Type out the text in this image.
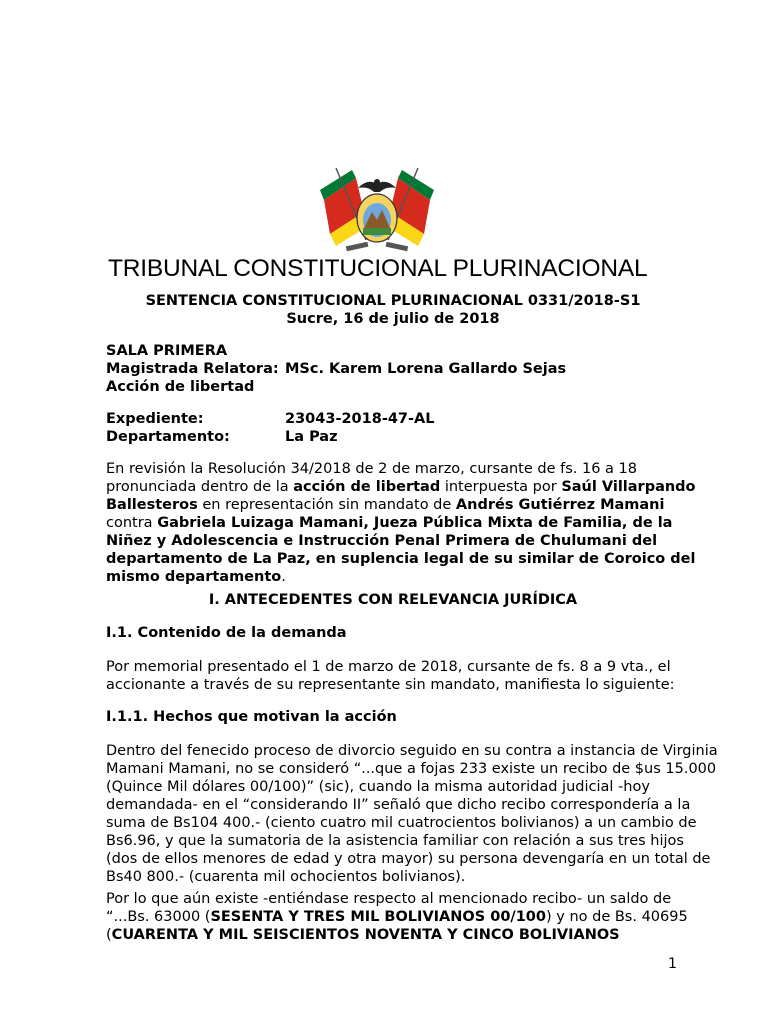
TRIBUNAL CONSTITUCIONAL PLURINACIONAL
SENTENCIA CONSTITUCIONAL PLURINACIONAL 0331/2018-S1
Sucre, 16 de julio de 2018
SALA PRIMERA
Magistrada Relatora: MSc. Karem Lorena Gallardo Sejas
Acción de libertad
Expediente:	23043-2018-47-AL
Departamento:	La Paz
En revisión la Resolución 34/2018 de 2 de marzo, cursante de fs. 16 a 18
pronunciada dentro de la acción de libertad interpuesta por Saúl Villarpando
Ballesteros en representación sin mandato de Andrés Gutiérrez Mamani
contra Gabriela Luizaga Mamani, Jueza Pública Mixta de Familia, de la
Niñez y Adolescencia e Instrucción Penal Primera de Chulumani del
departamento de La Paz, en suplencia legal de su similar de Coroico del
mismo departamento.
I. ANTECEDENTES CON RELEVANCIA JURÍDICA
I.1. Contenido de la demanda
Por memorial presentado el 1 de marzo de 2018, cursante de fs. 8 a 9 vta., el
accionante a través de su representante sin mandato, manifiesta lo siguiente:
I.1.1. Hechos que motivan la acción
Dentro del fenecido proceso de divorcio seguido en su contra a instancia de Virginia
Mamani Mamani, no se consideró “...que a fojas 233 existe un recibo de $us 15.000
(Quince Mil dólares 00/100)” (sic), cuando la misma autoridad judicial -hoy
demandada- en el “considerando II” señaló que dicho recibo correspondería a la
suma de Bs104 400.- (ciento cuatro mil cuatrocientos bolivianos) a un cambio de
Bs6.96, y que la sumatoria de la asistencia familiar con relación a sus tres hijos
(dos de ellos menores de edad y otra mayor) su persona devengaría en un total de
Bs40 800.- (cuarenta mil ochocientos bolivianos).
Por lo que aún existe -entiéndase respecto al mencionado recibo- un saldo de
“...Bs. 63000 (SESENTA Y TRES MIL BOLIVIANOS 00/100) y no de Bs. 40695
(CUARENTA Y MIL SEISCIENTOS NOVENTA Y CINCO BOLIVIANOS
1
